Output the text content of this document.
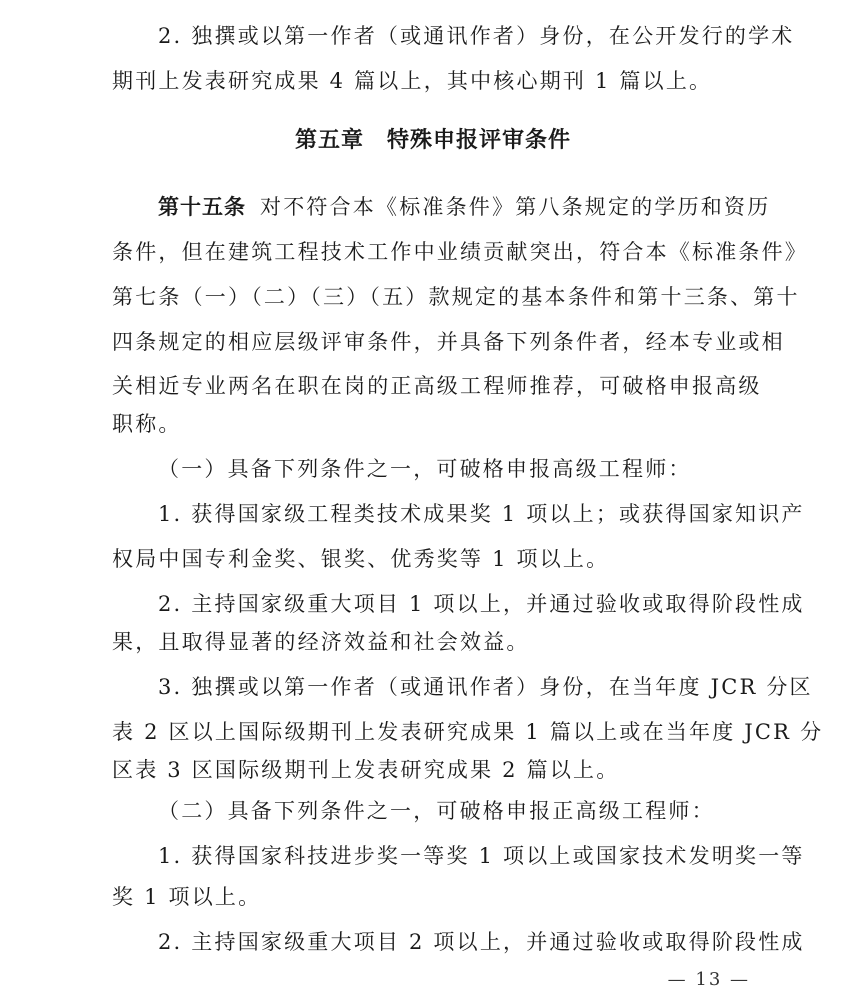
2. 独撰或以第一作者（或通讯作者）身份，在公开发行的学术
期刊上发表研究成果 4 篇以上，其中核心期刊 1 篇以上。
第五章　特殊申报评审条件
第十五条 对不符合本《标准条件》第八条规定的学历和资历
条件，但在建筑工程技术工作中业绩贡献突出，符合本《标准条件》
第七条（一）（二）（三）（五）款规定的基本条件和第十三条、第十
四条规定的相应层级评审条件，并具备下列条件者，经本专业或相
关相近专业两名在职在岗的正高级工程师推荐，可破格申报高级
职称。
（一）具备下列条件之一，可破格申报高级工程师：
1. 获得国家级工程类技术成果奖 1 项以上；或获得国家知识产
权局中国专利金奖、银奖、优秀奖等 1 项以上。
2. 主持国家级重大项目 1 项以上，并通过验收或取得阶段性成
果，且取得显著的经济效益和社会效益。
3. 独撰或以第一作者（或通讯作者）身份，在当年度 JCR 分区
表 2 区以上国际级期刊上发表研究成果 1 篇以上或在当年度 JCR 分
区表 3 区国际级期刊上发表研究成果 2 篇以上。
（二）具备下列条件之一，可破格申报正高级工程师：
1. 获得国家科技进步奖一等奖 1 项以上或国家技术发明奖一等
奖 1 项以上。
2. 主持国家级重大项目 2 项以上，并通过验收或取得阶段性成
— 13 —
